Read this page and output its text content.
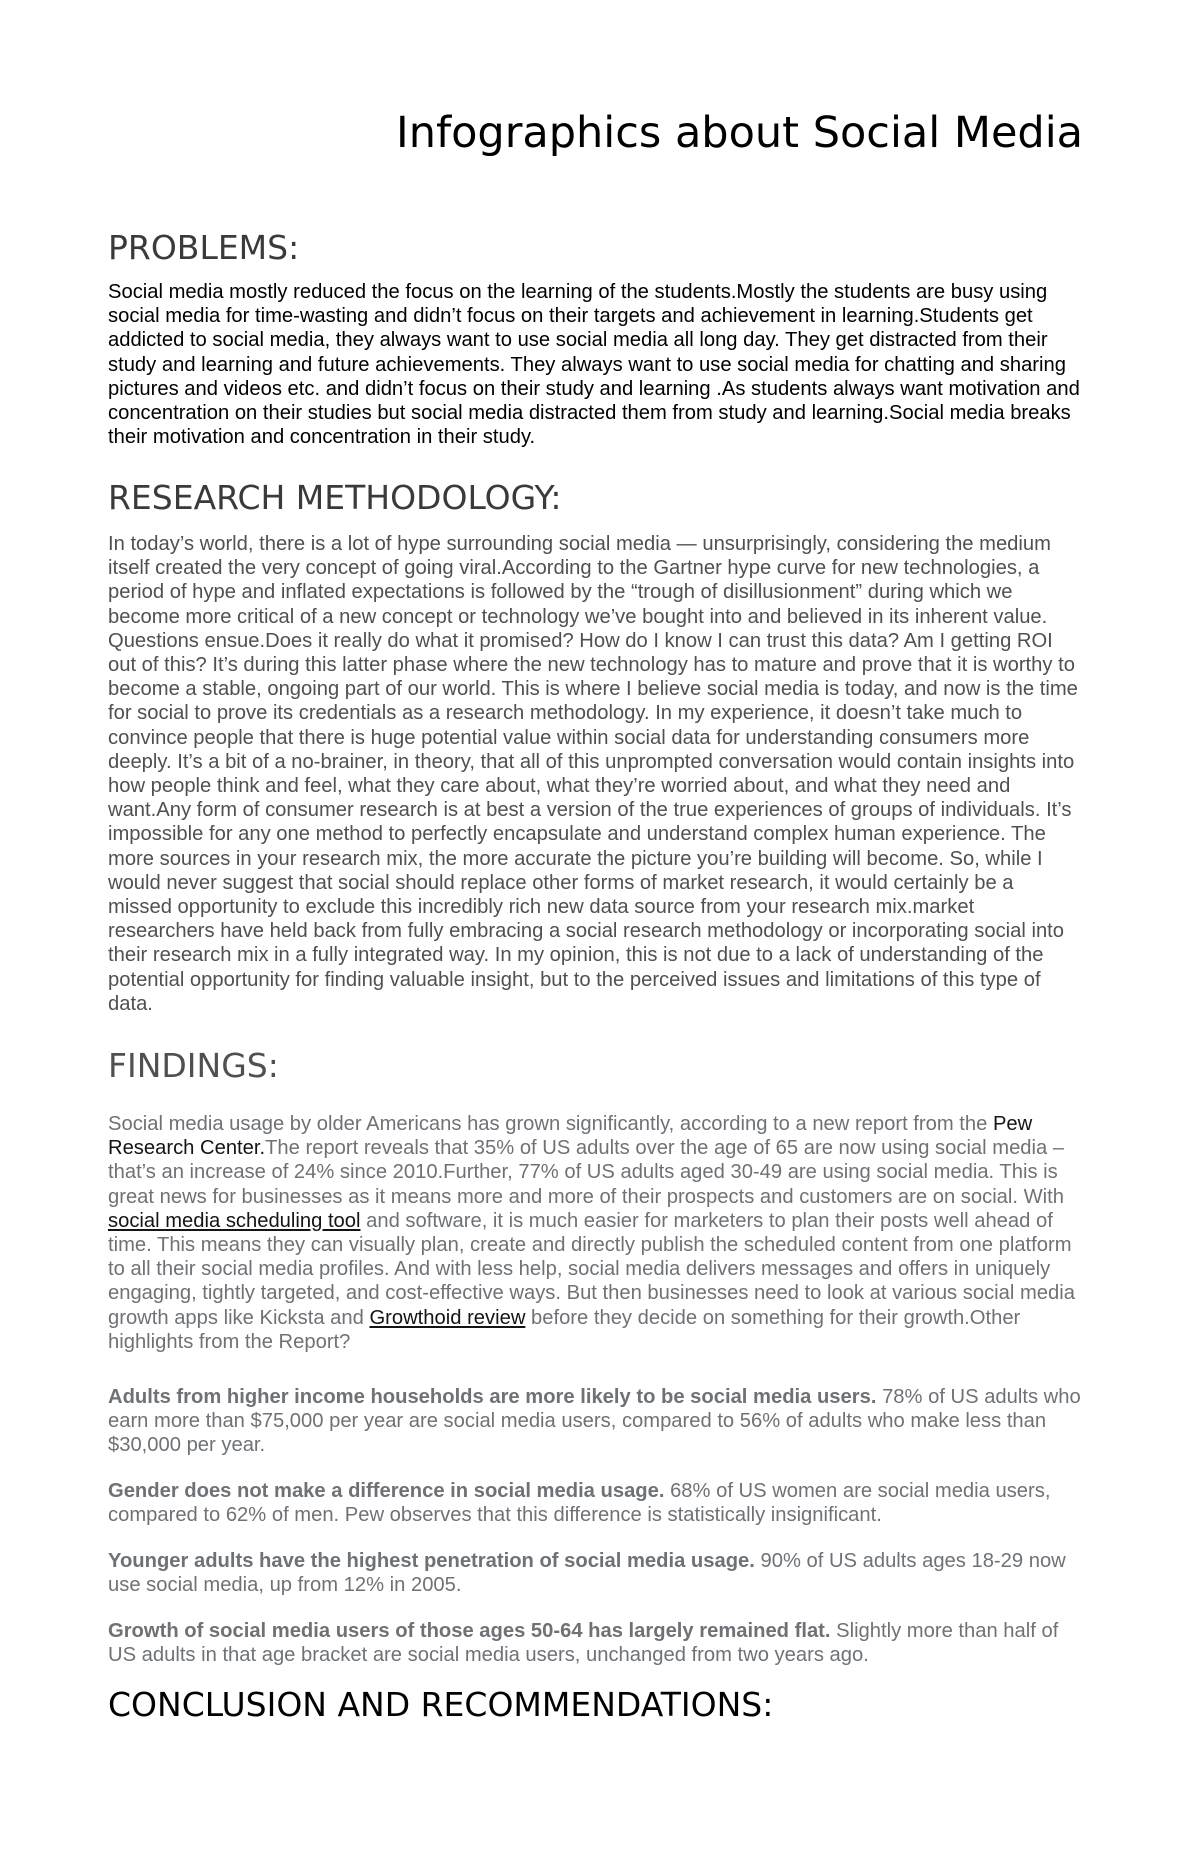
Infographics about Social Media
PROBLEMS:

Social media mostly reduced the focus on the learning of the students.Mostly the students are busy using social media for time-wasting and didn’t focus on their targets and achievement in learning.Students get addicted to social media, they always want to use social media all long day. They get distracted from their study and learning and future achievements. They always want to use social media for chatting and sharing pictures and videos etc. and didn’t focus on their study and learning .As students always want motivation and concentration on their studies but social media distracted them from study and learning.Social media breaks their motivation and concentration in their study.

RESEARCH METHODOLOGY:

In today’s world, there is a lot of hype surrounding social media — unsurprisingly, considering the medium itself created the very concept of going viral.According to the Gartner hype curve for new technologies, a period of hype and inflated expectations is followed by the “trough of disillusionment” during which we become more critical of a new concept or technology we’ve bought into and believed in its inherent value. Questions ensue.Does it really do what it promised? How do I know I can trust this data? Am I getting ROI out of this? It’s during this latter phase where the new technology has to mature and prove that it is worthy to become a stable, ongoing part of our world. This is where I believe social media is today, and now is the time for social to prove its credentials as a research methodology. In my experience, it doesn’t take much to convince people that there is huge potential value within social data for understanding consumers more deeply. It’s a bit of a no-brainer, in theory, that all of this unprompted conversation would contain insights into how people think and feel, what they care about, what they’re worried about, and what they need and want.Any form of consumer research is at best a version of the true experiences of groups of individuals. It’s impossible for any one method to perfectly encapsulate and understand complex human experience. The more sources in your research mix, the more accurate the picture you’re building will become. So, while I would never suggest that social should replace other forms of market research, it would certainly be a missed opportunity to exclude this incredibly rich new data source from your research mix.market researchers have held back from fully embracing a social research methodology or incorporating social into their research mix in a fully integrated way. In my opinion, this is not due to a lack of understanding of the potential opportunity for finding valuable insight, but to the perceived issues and limitations of this type of data.

FINDINGS:

Social media usage by older Americans has grown significantly, according to a new report from the Pew Research Center.The report reveals that 35% of US adults over the age of 65 are now using social media – that’s an increase of 24% since 2010.Further, 77% of US adults aged 30-49 are using social media. This is great news for businesses as it means more and more of their prospects and customers are on social. With social media scheduling tool and software, it is much easier for marketers to plan their posts well ahead of time. This means they can visually plan, create and directly publish the scheduled content from one platform to all their social media profiles. And with less help, social media delivers messages and offers in uniquely engaging, tightly targeted, and cost-effective ways. But then businesses need to look at various social media growth apps like Kicksta and Growthoid review before they decide on something for their growth.Other highlights from the Report?

Adults from higher income households are more likely to be social media users. 78% of US adults who earn more than $75,000 per year are social media users, compared to 56% of adults who make less than $30,000 per year.

Gender does not make a difference in social media usage. 68% of US women are social media users, compared to 62% of men. Pew observes that this difference is statistically insignificant.

Younger adults have the highest penetration of social media usage. 90% of US adults ages 18-29 now use social media, up from 12% in 2005.

Growth of social media users of those ages 50-64 has largely remained flat. Slightly more than half of US adults in that age bracket are social media users, unchanged from two years ago.

CONCLUSION AND RECOMMENDATIONS:
